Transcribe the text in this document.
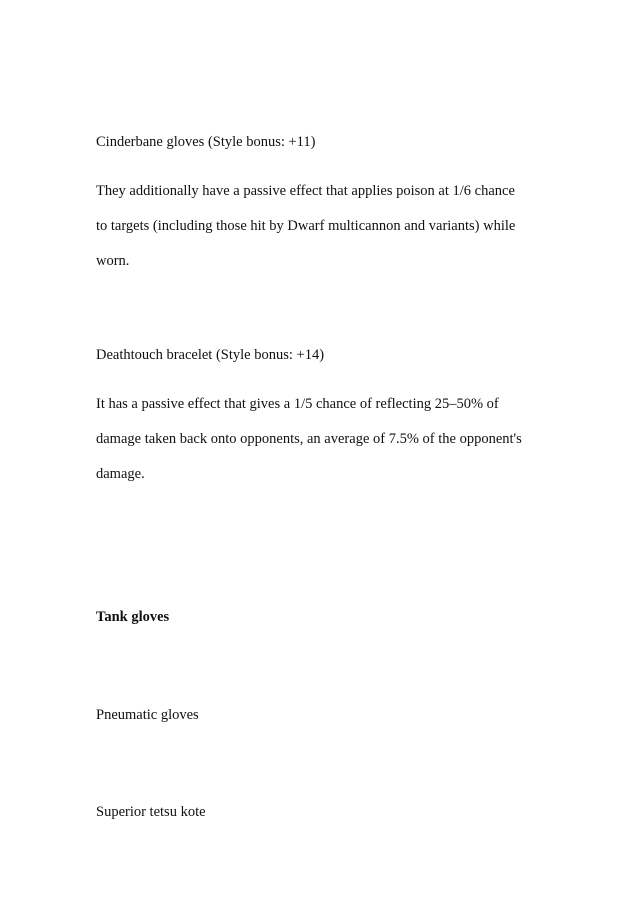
Cinderbane gloves (Style bonus: +11)
They additionally have a passive effect that applies poison at 1/6 chance
to targets (including those hit by Dwarf multicannon and variants) while
worn.
Deathtouch bracelet (Style bonus: +14)
It has a passive effect that gives a 1/5 chance of reflecting 25–50% of
damage taken back onto opponents, an average of 7.5% of the opponent's
damage.
Tank gloves
Pneumatic gloves
Superior tetsu kote
